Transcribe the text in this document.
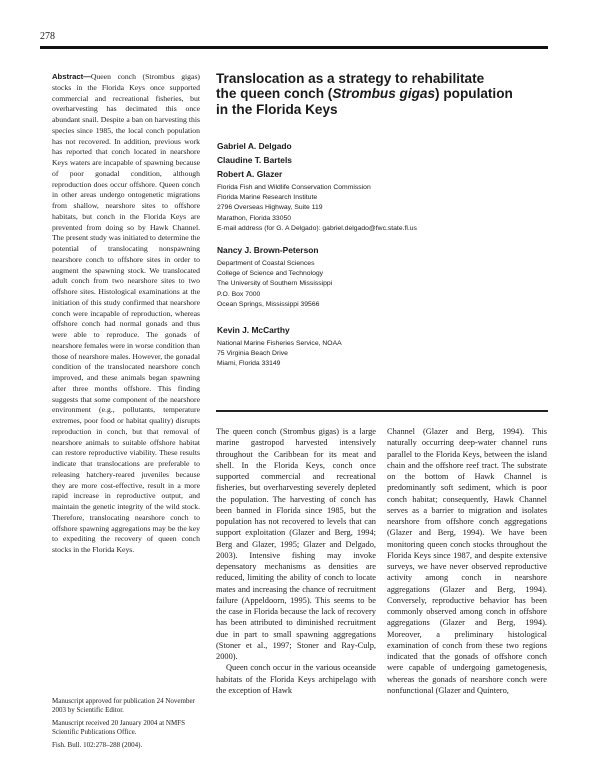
278
Abstract—Queen conch (Strombus gigas) stocks in the Florida Keys once supported commercial and recreational fisheries, but overharvesting has decimated this once abundant snail. Despite a ban on harvesting this species since 1985, the local conch population has not recovered. In addition, previous work has reported that conch located in nearshore Keys waters are incapable of spawning because of poor gonadal condition, although reproduction does occur offshore. Queen conch in other areas undergo ontogenetic migrations from shallow, nearshore sites to offshore habitats, but conch in the Florida Keys are prevented from doing so by Hawk Channel. The present study was initiated to determine the potential of translocating nonspawning nearshore conch to offshore sites in order to augment the spawning stock. We translocated adult conch from two nearshore sites to two offshore sites. Histological examinations at the initiation of this study confirmed that nearshore conch were incapable of reproduction, whereas offshore conch had normal gonads and thus were able to reproduce. The gonads of nearshore females were in worse condition than those of nearshore males. However, the gonadal condition of the translocated nearshore conch improved, and these animals began spawning after three months offshore. This finding suggests that some component of the nearshore environment (e.g., pollutants, temperature extremes, poor food or habitat quality) disrupts reproduction in conch, but that removal of nearshore animals to suitable offshore habitat can restore reproductive viability. These results indicate that translocations are preferable to releasing hatchery-reared juveniles because they are more cost-effective, result in a more rapid increase in reproductive output, and maintain the genetic integrity of the wild stock. Therefore, translocating nearshore conch to offshore spawning aggregations may be the key to expediting the recovery of queen conch stocks in the Florida Keys.
Manuscript approved for publication 24 November 2003 by Scientific Editor.
Manuscript received 20 January 2004 at NMFS Scientific Publications Office.
Fish. Bull. 102:278–288 (2004).
Translocation as a strategy to rehabilitate
the queen conch (Strombus gigas) population
in the Florida Keys
Gabriel A. Delgado
Claudine T. Bartels
Robert A. Glazer
Florida Fish and Wildlife Conservation Commission
Florida Marine Research Institute
2796 Overseas Highway, Suite 119
Marathon, Florida 33050
E-mail address (for G. A Delgado): gabriel.delgado@fwc.state.fl.us
Nancy J. Brown-Peterson
Department of Coastal Sciences
College of Science and Technology
The University of Southern Mississippi
P.O. Box 7000
Ocean Springs, Mississippi 39566
Kevin J. McCarthy
National Marine Fisheries Service, NOAA
75 Virginia Beach Drive
Miami, Florida 33149

The queen conch (Strombus gigas) is a large marine gastropod harvested intensively throughout the Caribbean for its meat and shell. In the Florida Keys, conch once supported commercial and recreational fisheries, but overharvesting severely depleted the population. The harvesting of conch has been banned in Florida since 1985, but the population has not recovered to levels that can support exploitation (Glazer and Berg, 1994; Berg and Glazer, 1995; Glazer and Delgado, 2003). Intensive fishing may invoke depensatory mechanisms as densities are reduced, limiting the ability of conch to locate mates and increasing the chance of recruitment failure (Appeldoorn, 1995). This seems to be the case in Florida because the lack of recovery has been attributed to diminished recruitment due in part to small spawning aggregations (Stoner et al., 1997; Stoner and Ray-Culp, 2000).

Queen conch occur in the various oceanside habitats of the Florida Keys archipelago with the exception of Hawk

Channel (Glazer and Berg, 1994). This naturally occurring deep-water channel runs parallel to the Florida Keys, between the island chain and the offshore reef tract. The substrate on the bottom of Hawk Channel is predominantly soft sediment, which is poor conch habitat; consequently, Hawk Channel serves as a barrier to migration and isolates nearshore from offshore conch aggregations (Glazer and Berg, 1994). We have been monitoring queen conch stocks throughout the Florida Keys since 1987, and despite extensive surveys, we have never observed reproductive activity among conch in nearshore aggregations (Glazer and Berg, 1994). Conversely, reproductive behavior has been commonly observed among conch in offshore aggregations (Glazer and Berg, 1994). Moreover, a preliminary histological examination of conch from these two regions indicated that the gonads of offshore conch were capable of undergoing gametogenesis, whereas the gonads of nearshore conch were nonfunctional (Glazer and Quintero,
